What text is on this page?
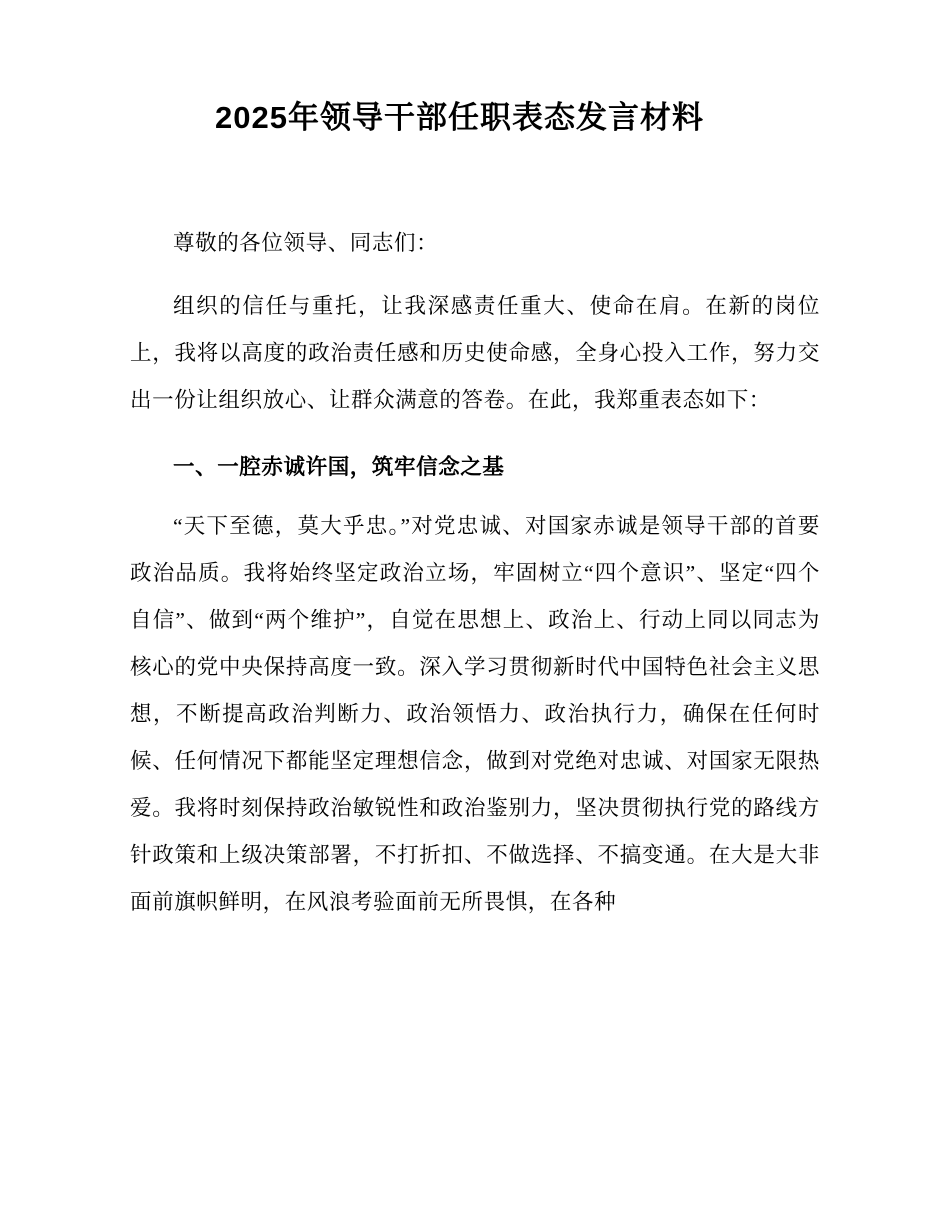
2025年领导干部任职表态发言材料

尊敬的各位领导、同志们：

组织的信任与重托，让我深感责任重大、使命在肩。在新的岗位上，我将以高度的政治责任感和历史使命感，全身心投入工作，努力交出一份让组织放心、让群众满意的答卷。在此，我郑重表态如下：

一、一腔赤诚许国，筑牢信念之基

“天下至德，莫大乎忠。”对党忠诚、对国家赤诚是领导干部的首要政治品质。我将始终坚定政治立场，牢固树立“四个意识”、坚定“四个自信”、做到“两个维护”，自觉在思想上、政治上、行动上同以同志为核心的党中央保持高度一致。深入学习贯彻新时代中国特色社会主义思想，不断提高政治判断力、政治领悟力、政治执行力，确保在任何时候、任何情况下都能坚定理想信念，做到对党绝对忠诚、对国家无限热爱。我将时刻保持政治敏锐性和政治鉴别力，坚决贯彻执行党的路线方针政策和上级决策部署，不打折扣、不做选择、不搞变通。在大是大非面前旗帜鲜明，在风浪考验面前无所畏惧，在各种
